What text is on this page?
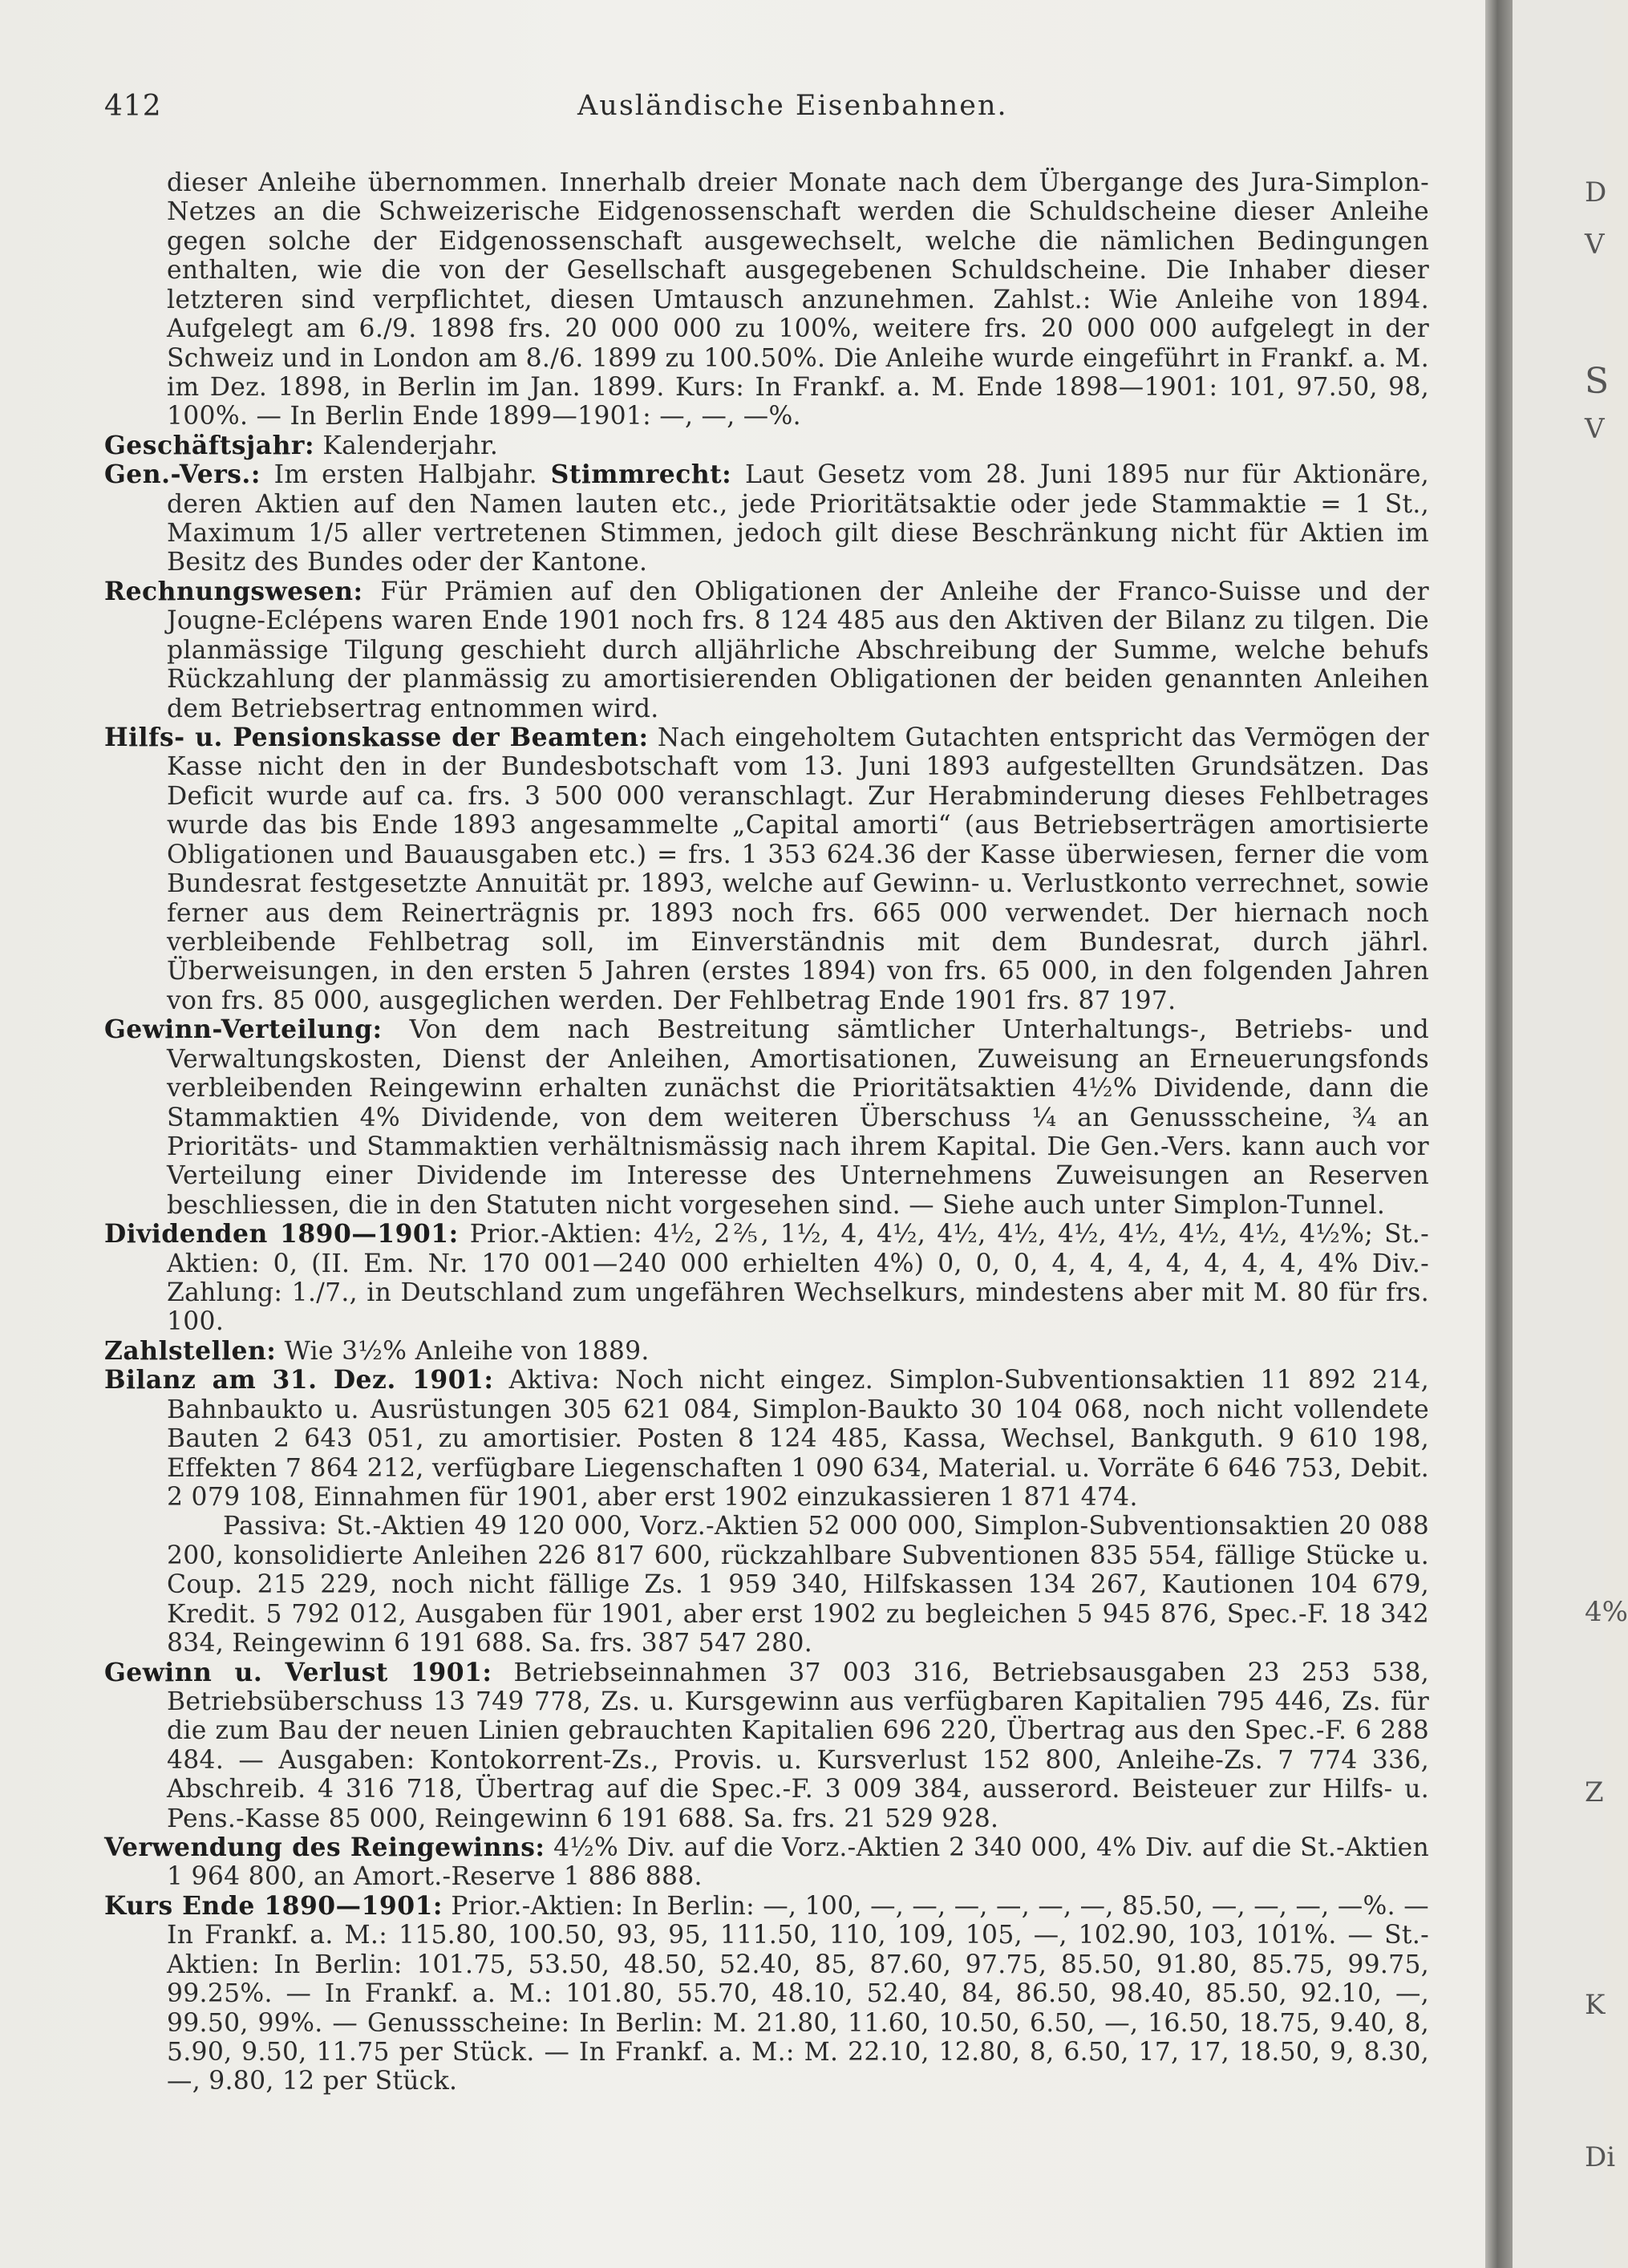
412	Ausländische Eisenbahnen.

dieser Anleihe übernommen. Innerhalb dreier Monate nach dem Übergange des Jura-Simplon-Netzes an die Schweizerische Eidgenossenschaft werden die Schuldscheine dieser Anleihe gegen solche der Eidgenossenschaft ausgewechselt, welche die nämlichen Bedingungen enthalten, wie die von der Gesellschaft ausgegebenen Schuldscheine. Die Inhaber dieser letzteren sind verpflichtet, diesen Umtausch anzunehmen. Zahlst.: Wie Anleihe von 1894. Aufgelegt am 6./9. 1898 frs. 20 000 000 zu 100%, weitere frs. 20 000 000 aufgelegt in der Schweiz und in London am 8./6. 1899 zu 100.50%. Die Anleihe wurde eingeführt in Frankf. a. M. im Dez. 1898, in Berlin im Jan. 1899. Kurs: In Frankf. a. M. Ende 1898—1901: 101, 97.50, 98, 100%. — In Berlin Ende 1899—1901: —, —, —%.

Geschäftsjahr: Kalenderjahr.

Gen.-Vers.: Im ersten Halbjahr. Stimmrecht: Laut Gesetz vom 28. Juni 1895 nur für Aktionäre, deren Aktien auf den Namen lauten etc., jede Prioritätsaktie oder jede Stammaktie = 1 St., Maximum 1/5 aller vertretenen Stimmen, jedoch gilt diese Beschränkung nicht für Aktien im Besitz des Bundes oder der Kantone.

Rechnungswesen: Für Prämien auf den Obligationen der Anleihe der Franco-Suisse und der Jougne-Eclépens waren Ende 1901 noch frs. 8 124 485 aus den Aktiven der Bilanz zu tilgen. Die planmässige Tilgung geschieht durch alljährliche Abschreibung der Summe, welche behufs Rückzahlung der planmässig zu amortisierenden Obligationen der beiden genannten Anleihen dem Betriebsertrag entnommen wird.

Hilfs- u. Pensionskasse der Beamten: Nach eingeholtem Gutachten entspricht das Vermögen der Kasse nicht den in der Bundesbotschaft vom 13. Juni 1893 aufgestellten Grundsätzen. Das Deficit wurde auf ca. frs. 3 500 000 veranschlagt. Zur Herabminderung dieses Fehlbetrages wurde das bis Ende 1893 angesammelte „Capital amorti“ (aus Betriebserträgen amortisierte Obligationen und Bauausgaben etc.) = frs. 1 353 624.36 der Kasse überwiesen, ferner die vom Bundesrat festgesetzte Annuität pr. 1893, welche auf Gewinn- u. Verlustkonto verrechnet, sowie ferner aus dem Reinerträgnis pr. 1893 noch frs. 665 000 verwendet. Der hiernach noch verbleibende Fehlbetrag soll, im Einverständnis mit dem Bundesrat, durch jährl. Überweisungen, in den ersten 5 Jahren (erstes 1894) von frs. 65 000, in den folgenden Jahren von frs. 85 000, ausgeglichen werden. Der Fehlbetrag Ende 1901 frs. 87 197.

Gewinn-Verteilung: Von dem nach Bestreitung sämtlicher Unterhaltungs-, Betriebs- und Verwaltungskosten, Dienst der Anleihen, Amortisationen, Zuweisung an Erneuerungsfonds verbleibenden Reingewinn erhalten zunächst die Prioritätsaktien 4½% Dividende, dann die Stammaktien 4% Dividende, von dem weiteren Überschuss ¼ an Genussscheine, ¾ an Prioritäts- und Stammaktien verhältnismässig nach ihrem Kapital. Die Gen.-Vers. kann auch vor Verteilung einer Dividende im Interesse des Unternehmens Zuweisungen an Reserven beschliessen, die in den Statuten nicht vorgesehen sind. — Siehe auch unter Simplon-Tunnel.

Dividenden 1890—1901: Prior.-Aktien: 4½, 2⅖, 1½, 4, 4½, 4½, 4½, 4½, 4½, 4½, 4½, 4½%; St.-Aktien: 0, (II. Em. Nr. 170 001—240 000 erhielten 4%) 0, 0, 0, 4, 4, 4, 4, 4, 4, 4, 4% Div.-Zahlung: 1./7., in Deutschland zum ungefähren Wechselkurs, mindestens aber mit M. 80 für frs. 100.

Zahlstellen: Wie 3½% Anleihe von 1889.

Bilanz am 31. Dez. 1901: Aktiva: Noch nicht eingez. Simplon-Subventionsaktien 11 892 214, Bahnbaukto u. Ausrüstungen 305 621 084, Simplon-Baukto 30 104 068, noch nicht vollendete Bauten 2 643 051, zu amortisier. Posten 8 124 485, Kassa, Wechsel, Bankguth. 9 610 198, Effekten 7 864 212, verfügbare Liegenschaften 1 090 634, Material. u. Vorräte 6 646 753, Debit. 2 079 108, Einnahmen für 1901, aber erst 1902 einzukassieren 1 871 474.

Passiva: St.-Aktien 49 120 000, Vorz.-Aktien 52 000 000, Simplon-Subventionsaktien 20 088 200, konsolidierte Anleihen 226 817 600, rückzahlbare Subventionen 835 554, fällige Stücke u. Coup. 215 229, noch nicht fällige Zs. 1 959 340, Hilfskassen 134 267, Kautionen 104 679, Kredit. 5 792 012, Ausgaben für 1901, aber erst 1902 zu begleichen 5 945 876, Spec.-F. 18 342 834, Reingewinn 6 191 688. Sa. frs. 387 547 280.

Gewinn u. Verlust 1901: Betriebseinnahmen 37 003 316, Betriebsausgaben 23 253 538, Betriebsüberschuss 13 749 778, Zs. u. Kursgewinn aus verfügbaren Kapitalien 795 446, Zs. für die zum Bau der neuen Linien gebrauchten Kapitalien 696 220, Übertrag aus den Spec.-F. 6 288 484. — Ausgaben: Kontokorrent-Zs., Provis. u. Kursverlust 152 800, Anleihe-Zs. 7 774 336, Abschreib. 4 316 718, Übertrag auf die Spec.-F. 3 009 384, ausserord. Beisteuer zur Hilfs- u. Pens.-Kasse 85 000, Reingewinn 6 191 688. Sa. frs. 21 529 928.

Verwendung des Reingewinns: 4½% Div. auf die Vorz.-Aktien 2 340 000, 4% Div. auf die St.-Aktien 1 964 800, an Amort.-Reserve 1 886 888.

Kurs Ende 1890—1901: Prior.-Aktien: In Berlin: —, 100, —, —, —, —, —, —, 85.50, —, —, —, —%. — In Frankf. a. M.: 115.80, 100.50, 93, 95, 111.50, 110, 109, 105, —, 102.90, 103, 101%. — St.-Aktien: In Berlin: 101.75, 53.50, 48.50, 52.40, 85, 87.60, 97.75, 85.50, 91.80, 85.75, 99.75, 99.25%. — In Frankf. a. M.: 101.80, 55.70, 48.10, 52.40, 84, 86.50, 98.40, 85.50, 92.10, —, 99.50, 99%. — Genussscheine: In Berlin: M. 21.80, 11.60, 10.50, 6.50, —, 16.50, 18.75, 9.40, 8, 5.90, 9.50, 11.75 per Stück. — In Frankf. a. M.: M. 22.10, 12.80, 8, 6.50, 17, 17, 18.50, 9, 8.30, —, 9.80, 12 per Stück.

D
V
S
V
4%
Z
K
Di
